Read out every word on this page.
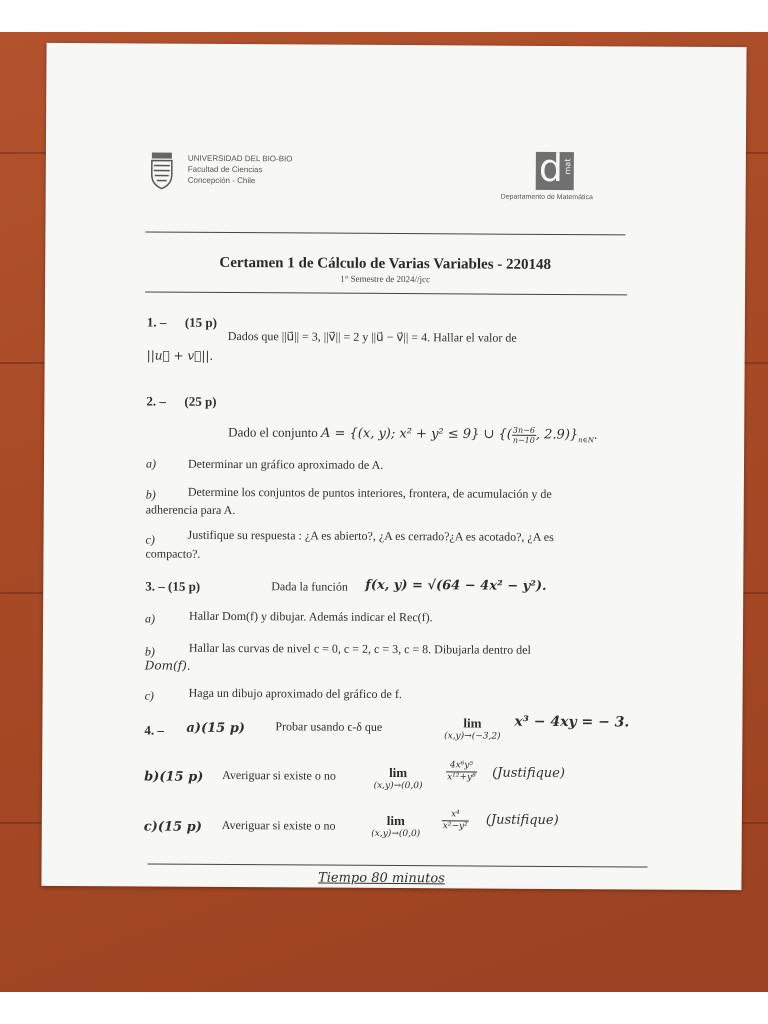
UNIVERSIDAD DEL BIO-BIO
Facultad de Ciencias
Concepción - Chile	d mat
Departamento de Matemática
Certamen 1 de Cálculo de Varias Variables - 220148
1° Semestre de 2024//jcc
1. – (15 p)
Dados que ||u⃗|| = 3, ||v⃗|| = 2 y ||u⃗ − v⃗|| = 4. Hallar el valor de
||u⃗ + v⃗||.
2. – (25 p)
Dado el conjunto A = {(x, y); x² + y² ≤ 9} ∪ {( $\frac{3n-6}{n-10}$ , $2.9)\}_{n\in N}$.
a)	Determinar un gráfico aproximado de A.
b)	Determine los conjuntos de puntos interiores, frontera, de acumulación y de
adherencia para A.
c)	Justifique su respuesta : ¿A es abierto?, ¿A es cerrado?¿A es acotado?, ¿A es
compacto?.
3. – (15 p)	Dada la función f(x, y) = √(64 − 4x² − y²).
a)	Hallar Dom(f) y dibujar. Además indicar el Rec(f).
b)	Hallar las curvas de nivel c = 0, c = 2, c = 3, c = 8. Dibujarla dentro del
Dom(f).
c)	Haga un dibujo aproximado del gráfico de f.
4. – a)(15 p)	Probar usando ϵ-δ que	lim
(x,y)→(−3,2)
x³ − 4xy = − 3.
b)(15 p) Averiguar si existe o no	lim
(x,y)→(0,0)
$\frac{\text{4x⁶y⁵}}{\text{x¹²+y⁸}}$ (Justifique)
c)(15 p) Averiguar si existe o no	lim
(x,y)→(0,0)
$\frac{\text{x⁴}}{\text{x²−y²}}$ (Justifique)
Tiempo 80 minutos
